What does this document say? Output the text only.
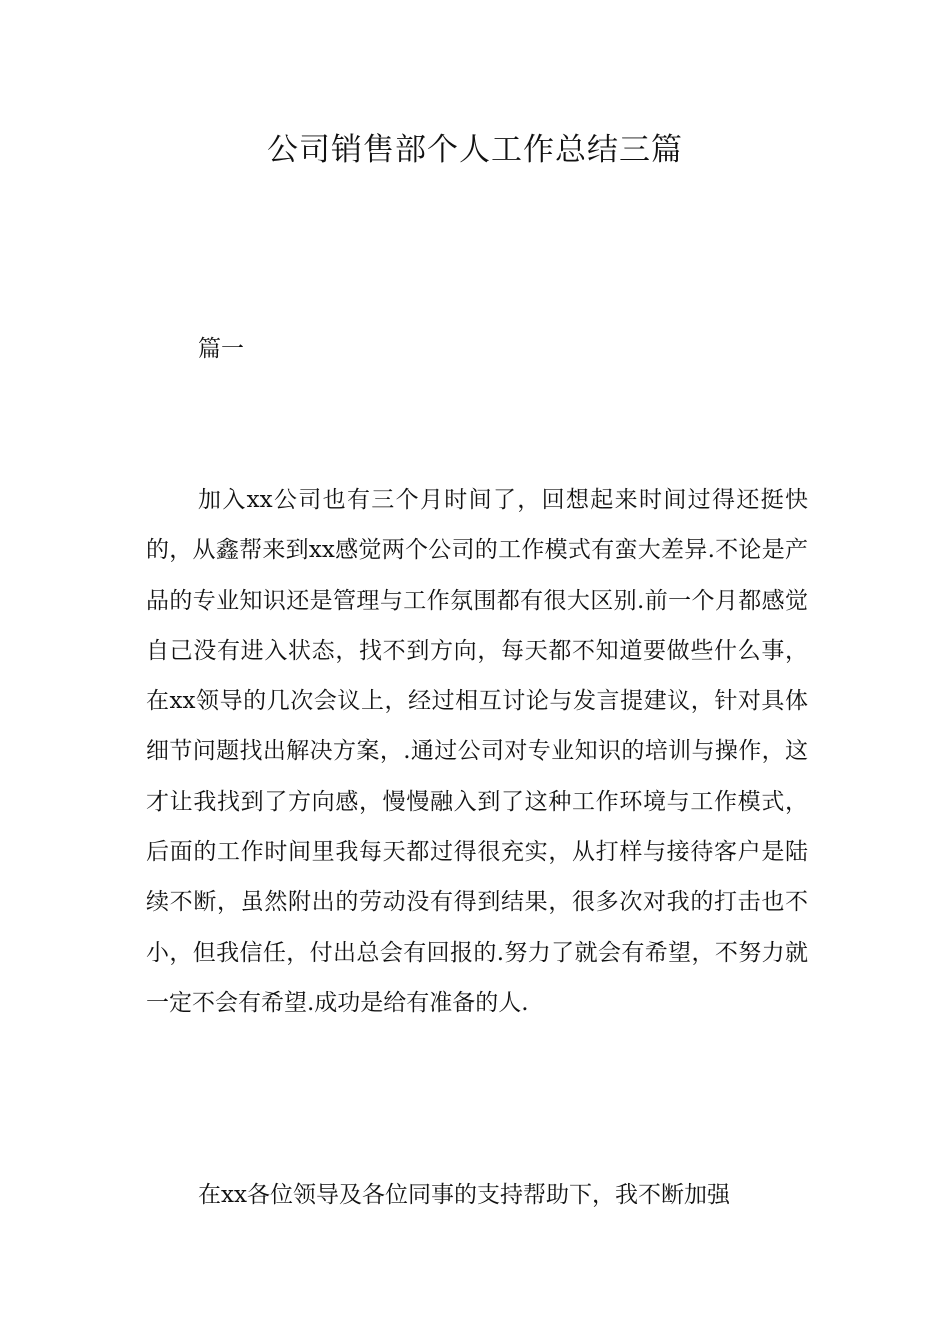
公司销售部个人工作总结三篇
篇一

加入xx公司也有三个月时间了，回想起来时间过得还挺快的，从鑫帮来到xx感觉两个公司的工作模式有蛮大差异.不论是产品的专业知识还是管理与工作氛围都有很大区别.前一个月都感觉自己没有进入状态，找不到方向，每天都不知道要做些什么事，在xx领导的几次会议上，经过相互讨论与发言提建议，针对具体细节问题找出解决方案，.通过公司对专业知识的培训与操作，这才让我找到了方向感，慢慢融入到了这种工作环境与工作模式，后面的工作时间里我每天都过得很充实，从打样与接待客户是陆续不断，虽然附出的劳动没有得到结果，很多次对我的打击也不小，但我信任，付出总会有回报的.努力了就会有希望，不努力就一定不会有希望.成功是给有准备的人.

在xx各位领导及各位同事的支持帮助下，我不断加强
